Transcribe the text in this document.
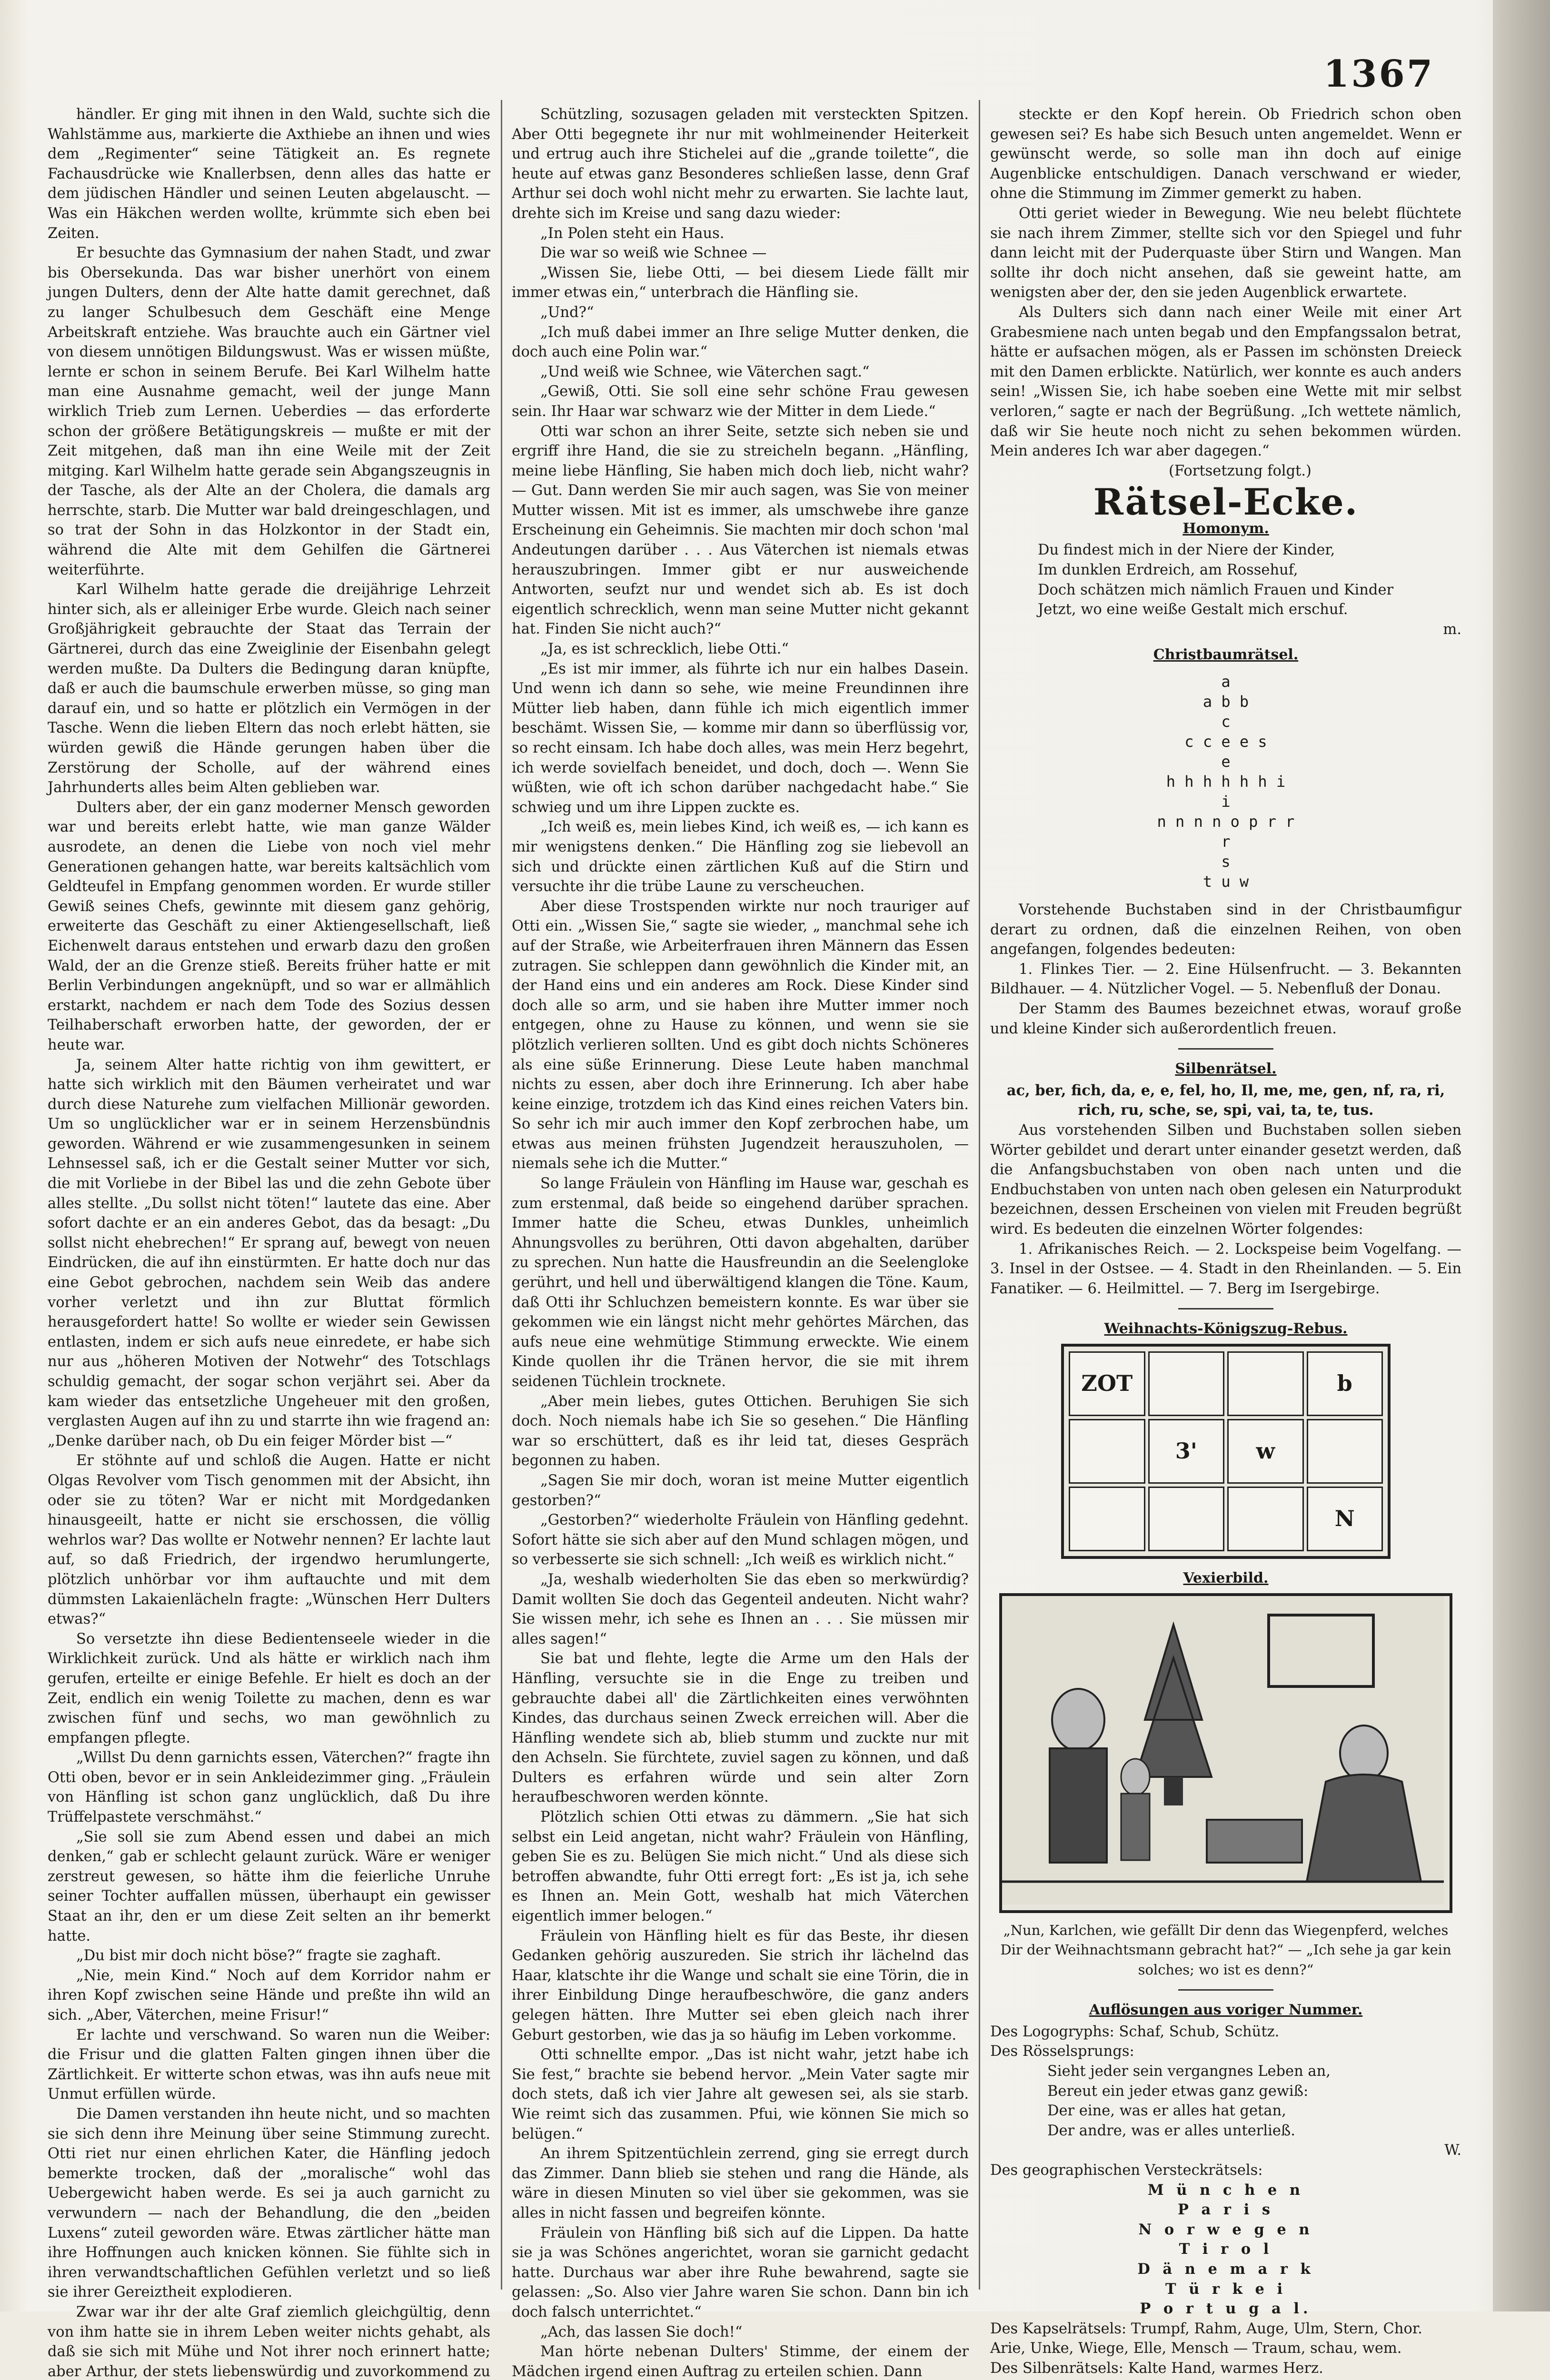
1367

händler. Er ging mit ihnen in den Wald, suchte sich die Wahlstämme aus, markierte die Axthiebe an ihnen und wies dem „Regimenter“ seine Tätigkeit an. Es regnete Fachausdrücke wie Knallerbsen, denn alles das hatte er dem jüdischen Händler und seinen Leuten abgelauscht. — Was ein Häkchen werden wollte, krümmte sich eben bei Zeiten.

Er besuchte das Gymnasium der nahen Stadt, und zwar bis Obersekunda. Das war bisher unerhört von einem jungen Dulters, denn der Alte hatte damit gerechnet, daß zu langer Schulbesuch dem Geschäft eine Menge Arbeitskraft entziehe. Was brauchte auch ein Gärtner viel von diesem unnötigen Bildungswust. Was er wissen müßte, lernte er schon in seinem Berufe. Bei Karl Wilhelm hatte man eine Ausnahme gemacht, weil der junge Mann wirklich Trieb zum Lernen. Ueberdies — das erforderte schon der größere Betätigungskreis — mußte er mit der Zeit mitgehen, daß man ihn eine Weile mit der Zeit mitging. Karl Wilhelm hatte gerade sein Abgangszeugnis in der Tasche, als der Alte an der Cholera, die damals arg herrschte, starb. Die Mutter war bald dreingeschlagen, und so trat der Sohn in das Holzkontor in der Stadt ein, während die Alte mit dem Gehilfen die Gärtnerei weiterführte.

Karl Wilhelm hatte gerade die dreijährige Lehrzeit hinter sich, als er alleiniger Erbe wurde. Gleich nach seiner Großjährigkeit gebrauchte der Staat das Terrain der Gärtnerei, durch das eine Zweiglinie der Eisenbahn gelegt werden mußte. Da Dulters die Bedingung daran knüpfte, daß er auch die baumschule erwerben müsse, so ging man darauf ein, und so hatte er plötzlich ein Vermögen in der Tasche. Wenn die lieben Eltern das noch erlebt hätten, sie würden gewiß die Hände gerungen haben über die Zerstörung der Scholle, auf der während eines Jahrhunderts alles beim Alten geblieben war.

Dulters aber, der ein ganz moderner Mensch geworden war und bereits erlebt hatte, wie man ganze Wälder ausrodete, an denen die Liebe von noch viel mehr Generationen gehangen hatte, war bereits kaltsächlich vom Geldteufel in Empfang genommen worden. Er wurde stiller Gewiß seines Chefs, gewinnte mit diesem ganz gehörig, erweiterte das Geschäft zu einer Aktiengesellschaft, ließ Eichenwelt daraus entstehen und erwarb dazu den großen Wald, der an die Grenze stieß. Bereits früher hatte er mit Berlin Verbindungen angeknüpft, und so war er allmählich erstarkt, nachdem er nach dem Tode des Sozius dessen Teilhaberschaft erworben hatte, der geworden, der er heute war.

Ja, seinem Alter hatte richtig von ihm gewittert, er hatte sich wirklich mit den Bäumen verheiratet und war durch diese Naturehe zum vielfachen Millionär geworden. Um so unglücklicher war er in seinem Herzensbündnis geworden. Während er wie zusammengesunken in seinem Lehnsessel saß, ich er die Gestalt seiner Mutter vor sich, die mit Vorliebe in der Bibel las und die zehn Gebote über alles stellte. „Du sollst nicht töten!“ lautete das eine. Aber sofort dachte er an ein anderes Gebot, das da besagt: „Du sollst nicht ehebrechen!“ Er sprang auf, bewegt von neuen Eindrücken, die auf ihn einstürmten. Er hatte doch nur das eine Gebot gebrochen, nachdem sein Weib das andere vorher verletzt und ihn zur Bluttat förmlich herausgefordert hatte! So wollte er wieder sein Gewissen entlasten, indem er sich aufs neue einredete, er habe sich nur aus „höheren Motiven der Notwehr“ des Totschlags schuldig gemacht, der sogar schon verjährt sei. Aber da kam wieder das entsetzliche Ungeheuer mit den großen, verglasten Augen auf ihn zu und starrte ihn wie fragend an: „Denke darüber nach, ob Du ein feiger Mörder bist —“

Er stöhnte auf und schloß die Augen. Hatte er nicht Olgas Revolver vom Tisch genommen mit der Absicht, ihn oder sie zu töten? War er nicht mit Mordgedanken hinausgeeilt, hatte er nicht sie erschossen, die völlig wehrlos war? Das wollte er Notwehr nennen? Er lachte laut auf, so daß Friedrich, der irgendwo herumlungerte, plötzlich unhörbar vor ihm auftauchte und mit dem dümmsten Lakaienlächeln fragte: „Wünschen Herr Dulters etwas?“

So versetzte ihn diese Bedientenseele wieder in die Wirklichkeit zurück. Und als hätte er wirklich nach ihm gerufen, erteilte er einige Befehle. Er hielt es doch an der Zeit, endlich ein wenig Toilette zu machen, denn es war zwischen fünf und sechs, wo man gewöhnlich zu empfangen pflegte.

„Willst Du denn garnichts essen, Väterchen?“ fragte ihn Otti oben, bevor er in sein Ankleidezimmer ging. „Fräulein von Hänfling ist schon ganz unglücklich, daß Du ihre Trüffelpastete verschmähst.“

„Sie soll sie zum Abend essen und dabei an mich denken,“ gab er schlecht gelaunt zurück. Wäre er weniger zerstreut gewesen, so hätte ihm die feierliche Unruhe seiner Tochter auffallen müssen, überhaupt ein gewisser Staat an ihr, den er um diese Zeit selten an ihr bemerkt hatte.

„Du bist mir doch nicht böse?“ fragte sie zaghaft.

„Nie, mein Kind.“ Noch auf dem Korridor nahm er ihren Kopf zwischen seine Hände und preßte ihn wild an sich. „Aber, Väterchen, meine Frisur!“

Er lachte und verschwand. So waren nun die Weiber: die Frisur und die glatten Falten gingen ihnen über die Zärtlichkeit. Er witterte schon etwas, was ihn aufs neue mit Unmut erfüllen würde.

Die Damen verstanden ihn heute nicht, und so machten sie sich denn ihre Meinung über seine Stimmung zurecht. Otti riet nur einen ehrlichen Kater, die Hänfling jedoch bemerkte trocken, daß der „moralische“ wohl das Uebergewicht haben werde. Es sei ja auch garnicht zu verwundern — nach der Behandlung, die den „beiden Luxens“ zuteil geworden wäre. Etwas zärtlicher hätte man ihre Hoffnungen auch knicken können. Sie fühlte sich in ihren verwandtschaftlichen Gefühlen verletzt und so ließ sie ihrer Gereiztheit explodieren.

Zwar war ihr der alte Graf ziemlich gleichgültig, denn von ihm hatte sie in ihrem Leben weiter nichts gehabt, als daß sie sich mit Mühe und Not ihrer noch erinnert hatte; aber Arthur, der stets liebenswürdig und zuvorkommend zu

Schützling, sozusagen geladen mit versteckten Spitzen. Aber Otti begegnete ihr nur mit wohlmeinender Heiterkeit und ertrug auch ihre Stichelei auf die „grande toilette“, die heute auf etwas ganz Besonderes schließen lasse, denn Graf Arthur sei doch wohl nicht mehr zu erwarten. Sie lachte laut, drehte sich im Kreise und sang dazu wieder:

„In Polen steht ein Haus.

Die war so weiß wie Schnee —

„Wissen Sie, liebe Otti, — bei diesem Liede fällt mir immer etwas ein,“ unterbrach die Hänfling sie.

„Und?“

„Ich muß dabei immer an Ihre selige Mutter denken, die doch auch eine Polin war.“

„Und weiß wie Schnee, wie Väterchen sagt.“

„Gewiß, Otti. Sie soll eine sehr schöne Frau gewesen sein. Ihr Haar war schwarz wie der Mitter in dem Liede.“

Otti war schon an ihrer Seite, setzte sich neben sie und ergriff ihre Hand, die sie zu streicheln begann. „Hänfling, meine liebe Hänfling, Sie haben mich doch lieb, nicht wahr? — Gut. Dann werden Sie mir auch sagen, was Sie von meiner Mutter wissen. Mit ist es immer, als umschwebe ihre ganze Erscheinung ein Geheimnis. Sie machten mir doch schon 'mal Andeutungen darüber . . . Aus Väterchen ist niemals etwas herauszubringen. Immer gibt er nur ausweichende Antworten, seufzt nur und wendet sich ab. Es ist doch eigentlich schrecklich, wenn man seine Mutter nicht gekannt hat. Finden Sie nicht auch?“

„Ja, es ist schrecklich, liebe Otti.“

„Es ist mir immer, als führte ich nur ein halbes Dasein. Und wenn ich dann so sehe, wie meine Freundinnen ihre Mütter lieb haben, dann fühle ich mich eigentlich immer beschämt. Wissen Sie, — komme mir dann so überflüssig vor, so recht einsam. Ich habe doch alles, was mein Herz begehrt, ich werde sovielfach beneidet, und doch, doch —. Wenn Sie wüßten, wie oft ich schon darüber nachgedacht habe.“ Sie schwieg und um ihre Lippen zuckte es.

„Ich weiß es, mein liebes Kind, ich weiß es, — ich kann es mir wenigstens denken.“ Die Hänfling zog sie liebevoll an sich und drückte einen zärtlichen Kuß auf die Stirn und versuchte ihr die trübe Laune zu verscheuchen.

Aber diese Trostspenden wirkte nur noch trauriger auf Otti ein. „Wissen Sie,“ sagte sie wieder, „ manchmal sehe ich auf der Straße, wie Arbeiterfrauen ihren Männern das Essen zutragen. Sie schleppen dann gewöhnlich die Kinder mit, an der Hand eins und ein anderes am Rock. Diese Kinder sind doch alle so arm, und sie haben ihre Mutter immer noch entgegen, ohne zu Hause zu können, und wenn sie sie plötzlich verlieren sollten. Und es gibt doch nichts Schöneres als eine süße Erinnerung. Diese Leute haben manchmal nichts zu essen, aber doch ihre Erinnerung. Ich aber habe keine einzige, trotzdem ich das Kind eines reichen Vaters bin. So sehr ich mir auch immer den Kopf zerbrochen habe, um etwas aus meinen frühsten Jugendzeit herauszuholen, — niemals sehe ich die Mutter.“

So lange Fräulein von Hänfling im Hause war, geschah es zum erstenmal, daß beide so eingehend darüber sprachen. Immer hatte die Scheu, etwas Dunkles, unheimlich Ahnungsvolles zu berühren, Otti davon abgehalten, darüber zu sprechen. Nun hatte die Hausfreundin an die Seelengloke gerührt, und hell und überwältigend klangen die Töne. Kaum, daß Otti ihr Schluchzen bemeistern konnte. Es war über sie gekommen wie ein längst nicht mehr gehörtes Märchen, das aufs neue eine wehmütige Stimmung erweckte. Wie einem Kinde quollen ihr die Tränen hervor, die sie mit ihrem seidenen Tüchlein trocknete.

„Aber mein liebes, gutes Ottichen. Beruhigen Sie sich doch. Noch niemals habe ich Sie so gesehen.“ Die Hänfling war so erschüttert, daß es ihr leid tat, dieses Gespräch begonnen zu haben.

„Sagen Sie mir doch, woran ist meine Mutter eigentlich gestorben?“

„Gestorben?“ wiederholte Fräulein von Hänfling gedehnt. Sofort hätte sie sich aber auf den Mund schlagen mögen, und so verbesserte sie sich schnell: „Ich weiß es wirklich nicht.“

„Ja, weshalb wiederholten Sie das eben so merkwürdig? Damit wollten Sie doch das Gegenteil andeuten. Nicht wahr? Sie wissen mehr, ich sehe es Ihnen an . . . Sie müssen mir alles sagen!“

Sie bat und flehte, legte die Arme um den Hals der Hänfling, versuchte sie in die Enge zu treiben und gebrauchte dabei all' die Zärtlichkeiten eines verwöhnten Kindes, das durchaus seinen Zweck erreichen will. Aber die Hänfling wendete sich ab, blieb stumm und zuckte nur mit den Achseln. Sie fürchtete, zuviel sagen zu können, und daß Dulters es erfahren würde und sein alter Zorn heraufbeschworen werden könnte.

Plötzlich schien Otti etwas zu dämmern. „Sie hat sich selbst ein Leid angetan, nicht wahr? Fräulein von Hänfling, geben Sie es zu. Belügen Sie mich nicht.“ Und als diese sich betroffen abwandte, fuhr Otti erregt fort: „Es ist ja, ich sehe es Ihnen an. Mein Gott, weshalb hat mich Väterchen eigentlich immer belogen.“

Fräulein von Hänfling hielt es für das Beste, ihr diesen Gedanken gehörig auszureden. Sie strich ihr lächelnd das Haar, klatschte ihr die Wange und schalt sie eine Törin, die in ihrer Einbildung Dinge heraufbeschwöre, die ganz anders gelegen hätten. Ihre Mutter sei eben gleich nach ihrer Geburt gestorben, wie das ja so häufig im Leben vorkomme.

Otti schnellte empor. „Das ist nicht wahr, jetzt habe ich Sie fest,“ brachte sie bebend hervor. „Mein Vater sagte mir doch stets, daß ich vier Jahre alt gewesen sei, als sie starb. Wie reimt sich das zusammen. Pfui, wie können Sie mich so belügen.“

An ihrem Spitzentüchlein zerrend, ging sie erregt durch das Zimmer. Dann blieb sie stehen und rang die Hände, als wäre in diesen Minuten so viel über sie gekommen, was sie alles in nicht fassen und begreifen könnte.

Fräulein von Hänfling biß sich auf die Lippen. Da hatte sie ja was Schönes angerichtet, woran sie garnicht gedacht hatte. Durchaus war aber ihre Ruhe bewahrend, sagte sie gelassen: „So. Also vier Jahre waren Sie schon. Dann bin ich doch falsch unterrichtet.“

„Ach, das lassen Sie doch!“

Man hörte nebenan Dulters' Stimme, der einem der Mädchen irgend einen Auftrag zu erteilen schien. Dann

steckte er den Kopf herein. Ob Friedrich schon oben gewesen sei? Es habe sich Besuch unten angemeldet. Wenn er gewünscht werde, so solle man ihn doch auf einige Augenblicke entschuldigen. Danach verschwand er wieder, ohne die Stimmung im Zimmer gemerkt zu haben.

Otti geriet wieder in Bewegung. Wie neu belebt flüchtete sie nach ihrem Zimmer, stellte sich vor den Spiegel und fuhr dann leicht mit der Puderquaste über Stirn und Wangen. Man sollte ihr doch nicht ansehen, daß sie geweint hatte, am wenigsten aber der, den sie jeden Augenblick erwartete.

Als Dulters sich dann nach einer Weile mit einer Art Grabesmiene nach unten begab und den Empfangssalon betrat, hätte er aufsachen mögen, als er Passen im schönsten Dreieck mit den Damen erblickte. Natürlich, wer konnte es auch anders sein! „Wissen Sie, ich habe soeben eine Wette mit mir selbst verloren,“ sagte er nach der Begrüßung. „Ich wettete nämlich, daß wir Sie heute noch nicht zu sehen bekommen würden. Mein anderes Ich war aber dagegen.“

(Fortsetzung folgt.)

Rätsel-Ecke.
Homonym.

Du findest mich in der Niere der Kinder,

Im dunklen Erdreich, am Rossehuf,

Doch schätzen mich nämlich Frauen und Kinder

Jetzt, wo eine weiße Gestalt mich erschuf.

m.

Christbaumrätsel.
a
a b b
c
c c e e s
e
h h h h h h i
i
n n n n o p r r
r
s
t u w

Vorstehende Buchstaben sind in der Christbaumfigur derart zu ordnen, daß die einzelnen Reihen, von oben angefangen, folgendes bedeuten:

1. Flinkes Tier. — 2. Eine Hülsenfrucht. — 3. Bekannten Bildhauer. — 4. Nützlicher Vogel. — 5. Nebenfluß der Donau.

Der Stamm des Baumes bezeichnet etwas, worauf große und kleine Kinder sich außerordentlich freuen.

Silbenrätsel.

ac, ber, fich, da, e, e, fel, ho, Il, me, me, gen, nf, ra, ri, rich, ru, sche, se, spi, vai, ta, te, tus.

Aus vorstehenden Silben und Buchstaben sollen sieben Wörter gebildet und derart unter einander gesetzt werden, daß die Anfangsbuchstaben von oben nach unten und die Endbuchstaben von unten nach oben gelesen ein Naturprodukt bezeichnen, dessen Erscheinen von vielen mit Freuden begrüßt wird. Es bedeuten die einzelnen Wörter folgendes:

1. Afrikanisches Reich. — 2. Lockspeise beim Vogelfang. — 3. Insel in der Ostsee. — 4. Stadt in den Rheinlanden. — 5. Ein Fanatiker. — 6. Heilmittel. — 7. Berg im Isergebirge.

Weihnachts-Königszug-Rebus.
ZOT	b
3'	w
N
Vexierbild.

„Nun, Karlchen, wie gefällt Dir denn das Wiegenpferd, welches Dir der Weihnachtsmann gebracht hat?“ — „Ich sehe ja gar kein solches; wo ist es denn?“

Auflösungen aus voriger Nummer.

Des Logogryphs: Schaf, Schub, Schütz.

Des Rösselsprungs:

Sieht jeder sein vergangnes Leben an,

Bereut ein jeder etwas ganz gewiß:

Der eine, was er alles hat getan,

Der andre, was er alles unterließ.

W.

Des geographischen Versteckrätsels:

M ü n c h e n

P a r i s

N o r w e g e n

T i r o l

D ä n e m a r k

T ü r k e i

P o r t u g a l.

Des Kapselrätsels: Trumpf, Rahm, Auge, Ulm, Stern, Chor.

Arie, Unke, Wiege, Elle, Mensch — Traum, schau, wem.

Des Silbenrätsels: Kalte Hand, warmes Herz.
